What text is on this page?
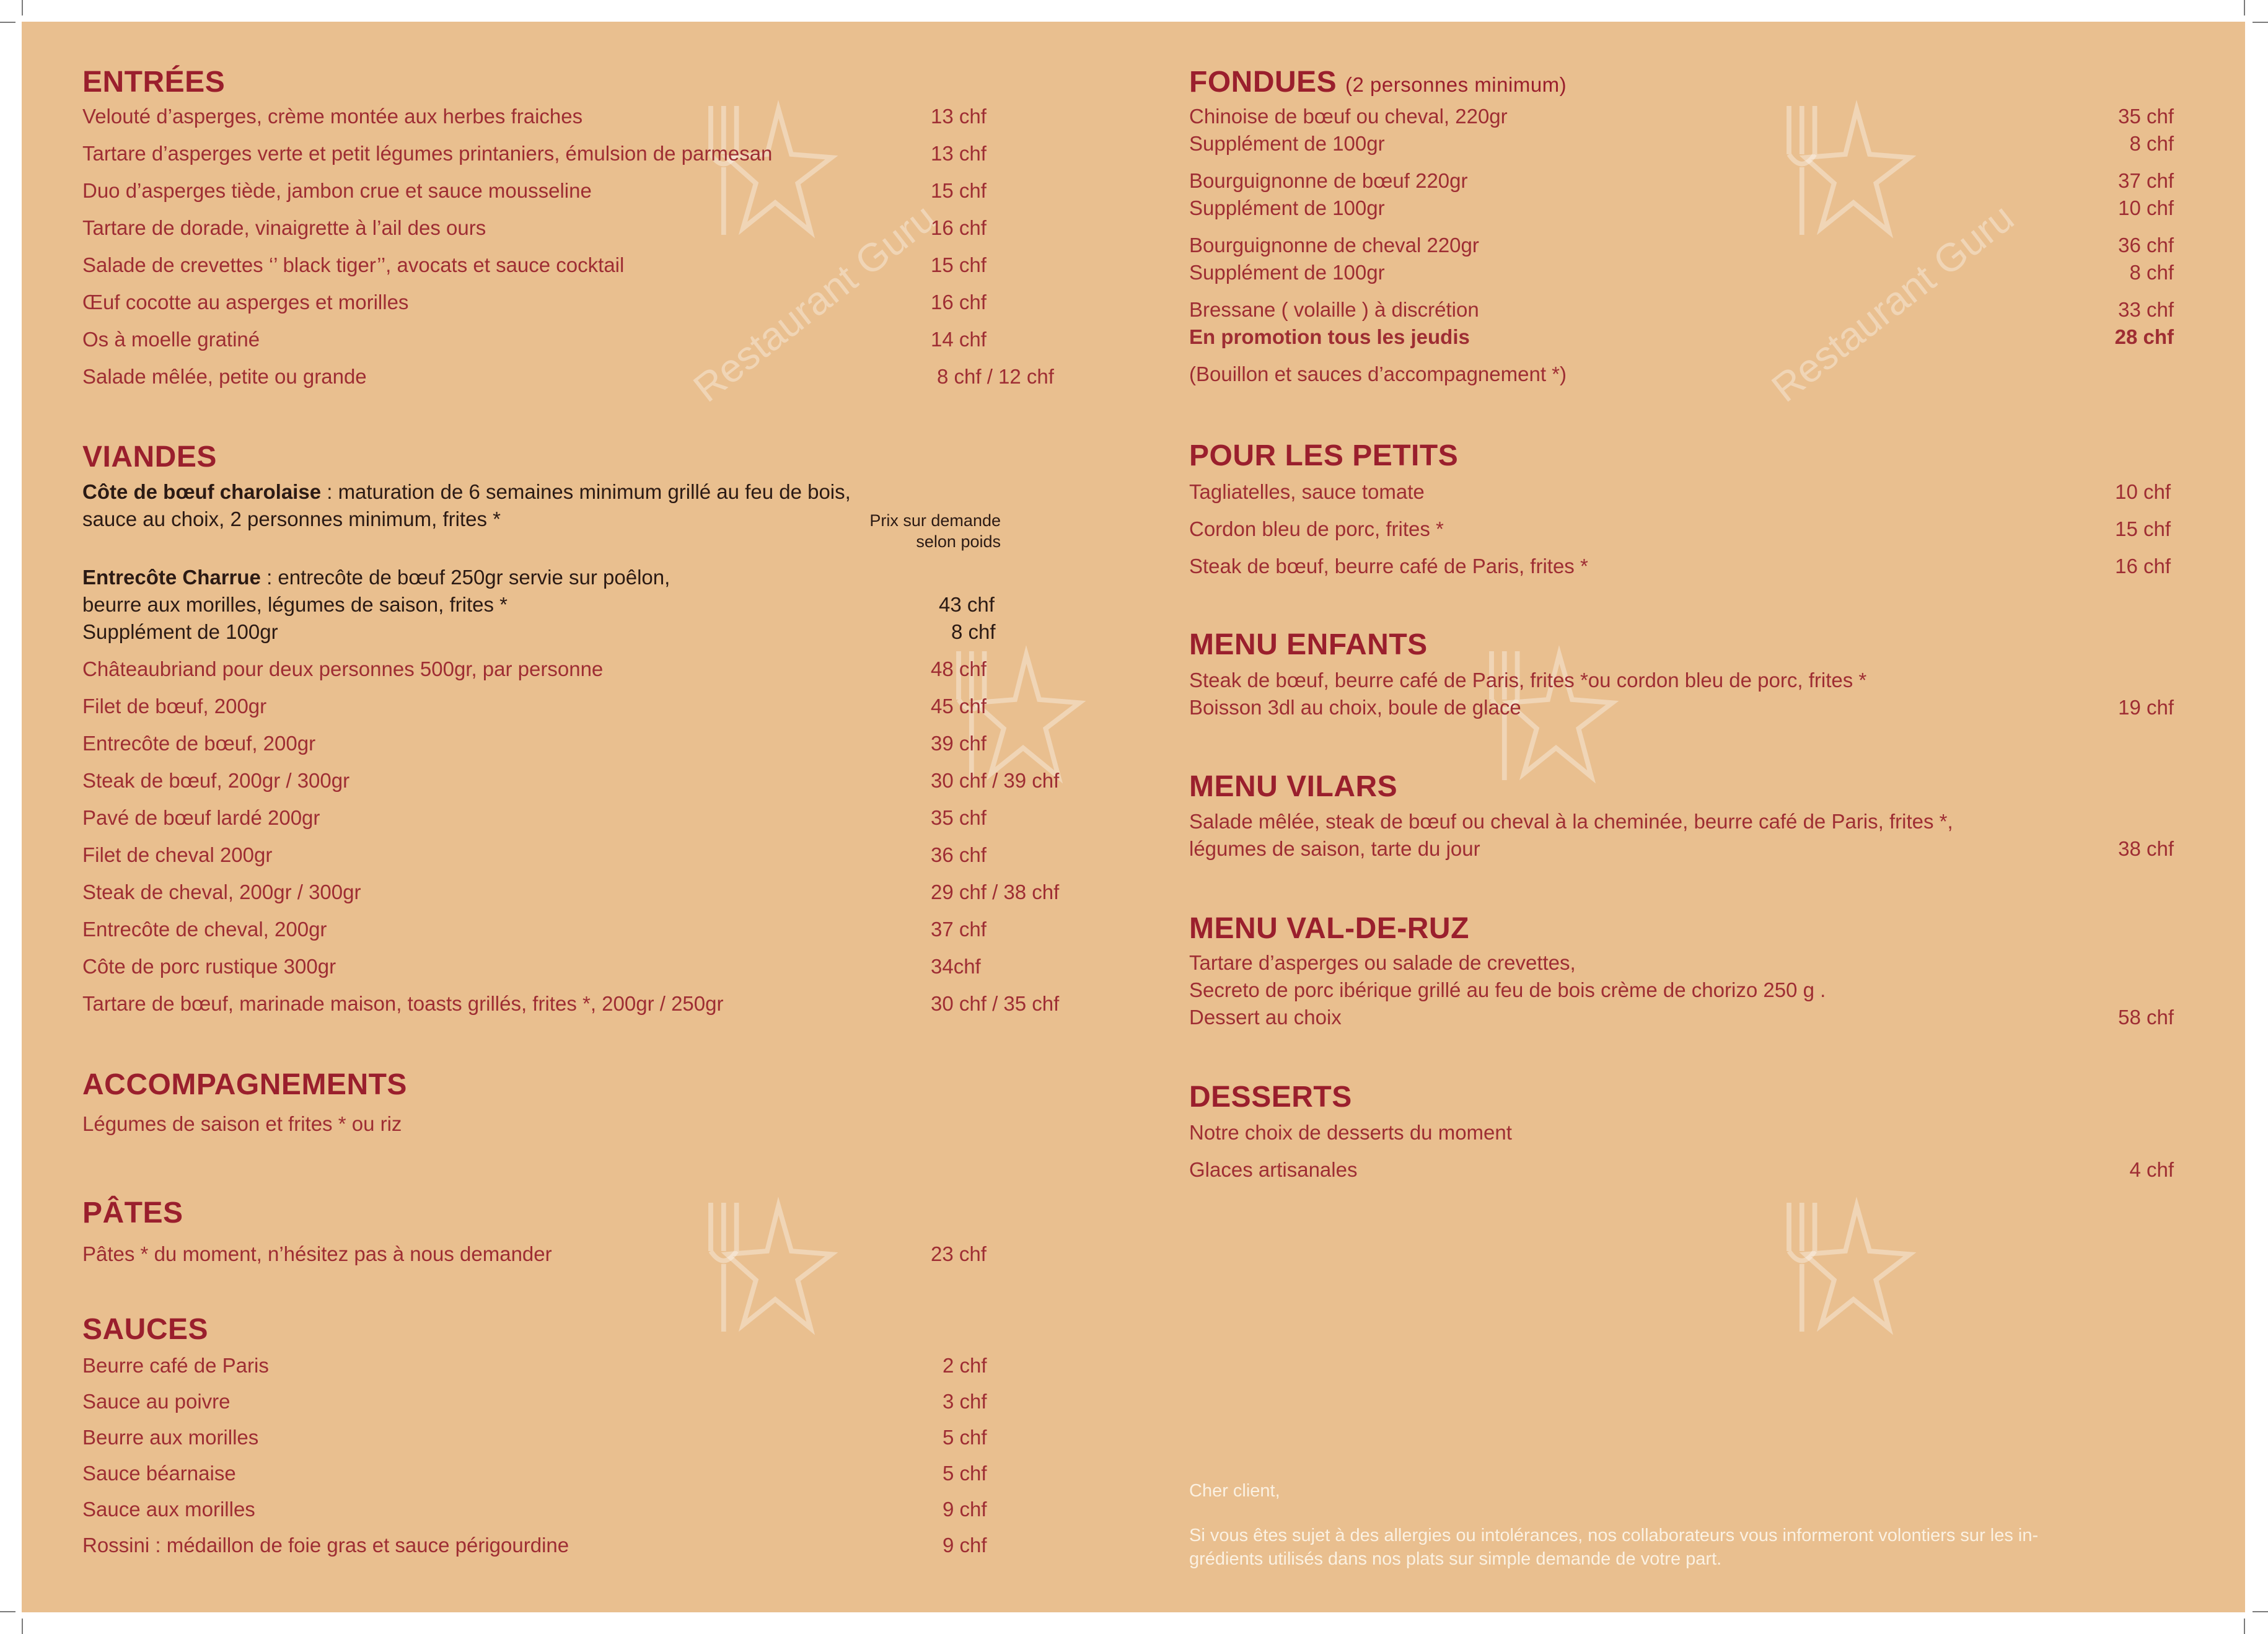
Restaurant Guru	Restaurant Guru
ENTRÉES
Velouté d’asperges, crème montée aux herbes fraiches	13 chf
Tartare d’asperges verte et petit légumes printaniers, émulsion de parmesan	13 chf
Duo d’asperges tiède, jambon crue et sauce mousseline	15 chf
Tartare de dorade, vinaigrette à l’ail des ours	16 chf
Salade de crevettes ‘’ black tiger’’, avocats et sauce cocktail	15 chf
Œuf cocotte au asperges et morilles	16 chf
Os à moelle gratiné	14 chf
Salade mêlée, petite ou grande	8 chf / 12 chf
VIANDES
Côte de bœuf charolaise : maturation de 6 semaines minimum grillé au feu de bois,
sauce au choix, 2 personnes minimum, frites *	Prix sur demande
selon poids
Entrecôte Charrue : entrecôte de bœuf 250gr servie sur poêlon,
beurre aux morilles, légumes de saison, frites *	43 chf
Supplément de 100gr	8 chf
Châteaubriand pour deux personnes 500gr, par personne	48 chf
Filet de bœuf, 200gr	45 chf
Entrecôte de bœuf, 200gr	39 chf
Steak de bœuf, 200gr / 300gr	30 chf / 39 chf
Pavé de bœuf lardé 200gr	35 chf
Filet de cheval 200gr	36 chf
Steak de cheval, 200gr / 300gr	29 chf / 38 chf
Entrecôte de cheval, 200gr	37 chf
Côte de porc rustique 300gr	34chf
Tartare de bœuf, marinade maison, toasts grillés, frites *, 200gr / 250gr	30 chf / 35 chf
ACCOMPAGNEMENTS
Légumes de saison et frites * ou riz
PÂTES
Pâtes * du moment, n’hésitez pas à nous demander	23 chf
SAUCES
Beurre café de Paris	2 chf
Sauce au poivre	3 chf
Beurre aux morilles	5 chf
Sauce béarnaise	5 chf
Sauce aux morilles	9 chf
Rossini : médaillon de foie gras et sauce périgourdine	9 chf
FONDUES (2 personnes minimum)
Chinoise de bœuf ou cheval, 220gr	35 chf
Supplément de 100gr	8 chf
Bourguignonne de bœuf 220gr	37 chf
Supplément de 100gr	10 chf
Bourguignonne de cheval 220gr	36 chf
Supplément de 100gr	8 chf
Bressane ( volaille ) à discrétion	33 chf
En promotion tous les jeudis	28 chf
(Bouillon et sauces d’accompagnement *)
POUR LES PETITS
Tagliatelles, sauce tomate	10 chf
Cordon bleu de porc, frites *	15 chf
Steak de bœuf, beurre café de Paris, frites *	16 chf
MENU ENFANTS
Steak de bœuf, beurre café de Paris, frites *ou cordon bleu de porc, frites *
Boisson 3dl au choix, boule de glace	19 chf
MENU VILARS
Salade mêlée, steak de bœuf ou cheval à la cheminée, beurre café de Paris, frites *,
légumes de saison, tarte du jour	38 chf
MENU VAL-DE-RUZ
Tartare d’asperges ou salade de crevettes,
Secreto de porc ibérique grillé au feu de bois crème de chorizo 250 g .
Dessert au choix	58 chf
DESSERTS
Notre choix de desserts du moment
Glaces artisanales	4 chf
Cher client,
Si vous êtes sujet à des allergies ou intolérances, nos collaborateurs vous informeront volontiers sur les in-
grédients utilisés dans nos plats sur simple demande de votre part.
